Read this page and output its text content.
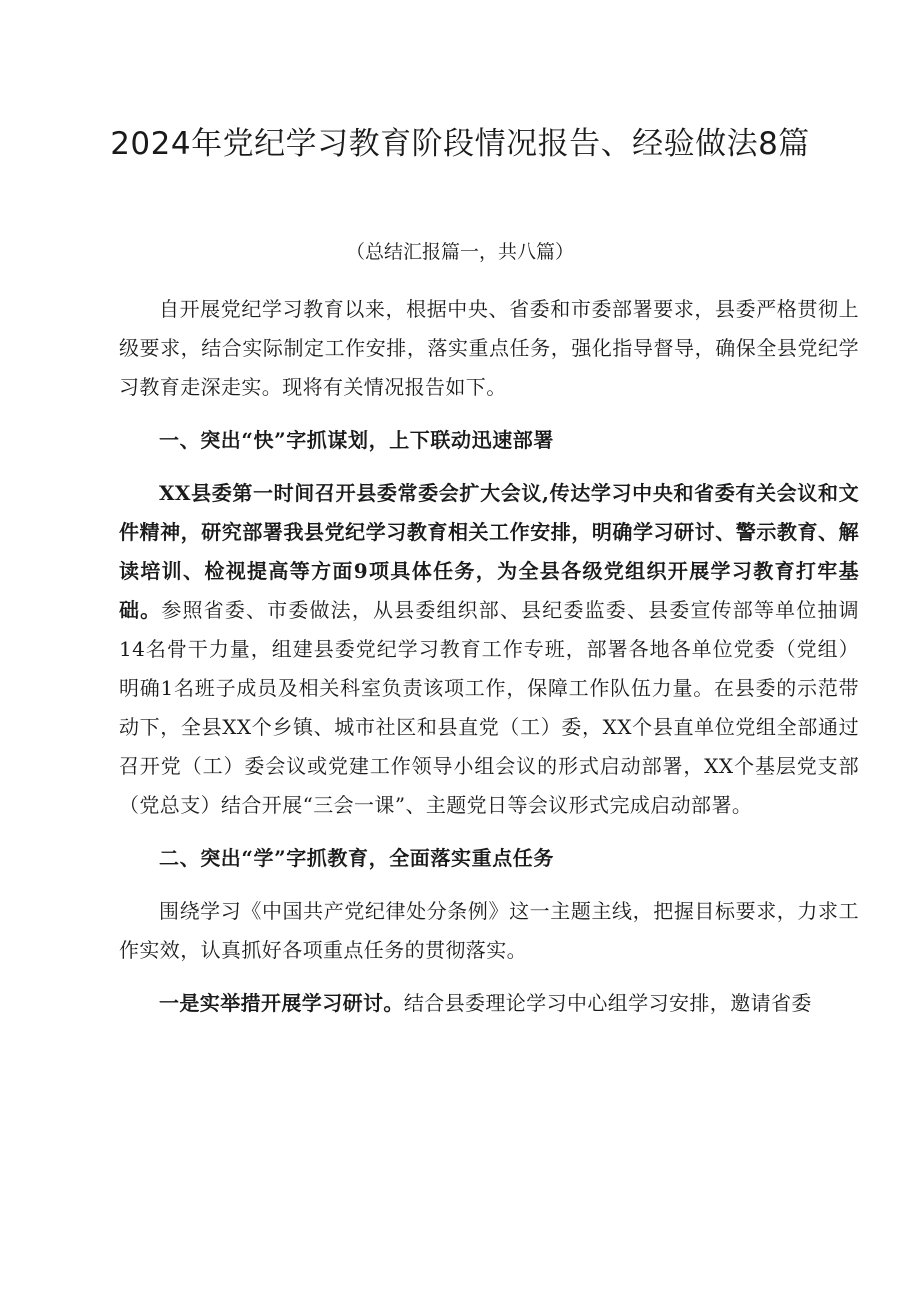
2024年党纪学习教育阶段情况报告、经验做法8篇
（总结汇报篇一，共八篇）

自开展党纪学习教育以来，根据中央、省委和市委部署要求，县委严格贯彻上级要求，结合实际制定工作安排，落实重点任务，强化指导督导，确保全县党纪学习教育走深走实。现将有关情况报告如下。

一、突出“快”字抓谋划，上下联动迅速部署

XX县委第一时间召开县委常委会扩大会议,传达学习中央和省委有关会议和文件精神，研究部署我县党纪学习教育相关工作安排，明确学习研讨、警示教育、解读培训、检视提高等方面9项具体任务，为全县各级党组织开展学习教育打牢基础。参照省委、市委做法，从县委组织部、县纪委监委、县委宣传部等单位抽调14名骨干力量，组建县委党纪学习教育工作专班，部署各地各单位党委（党组）明确1名班子成员及相关科室负责该项工作，保障工作队伍力量。在县委的示范带动下，全县XX个乡镇、城市社区和县直党（工）委，XX个县直单位党组全部通过召开党（工）委会议或党建工作领导小组会议的形式启动部署，XX个基层党支部（党总支）结合开展“三会一课”、主题党日等会议形式完成启动部署。

二、突出“学”字抓教育，全面落实重点任务

围绕学习《中国共产党纪律处分条例》这一主题主线，把握目标要求，力求工作实效，认真抓好各项重点任务的贯彻落实。

一是实举措开展学习研讨。结合县委理论学习中心组学习安排，邀请省委
